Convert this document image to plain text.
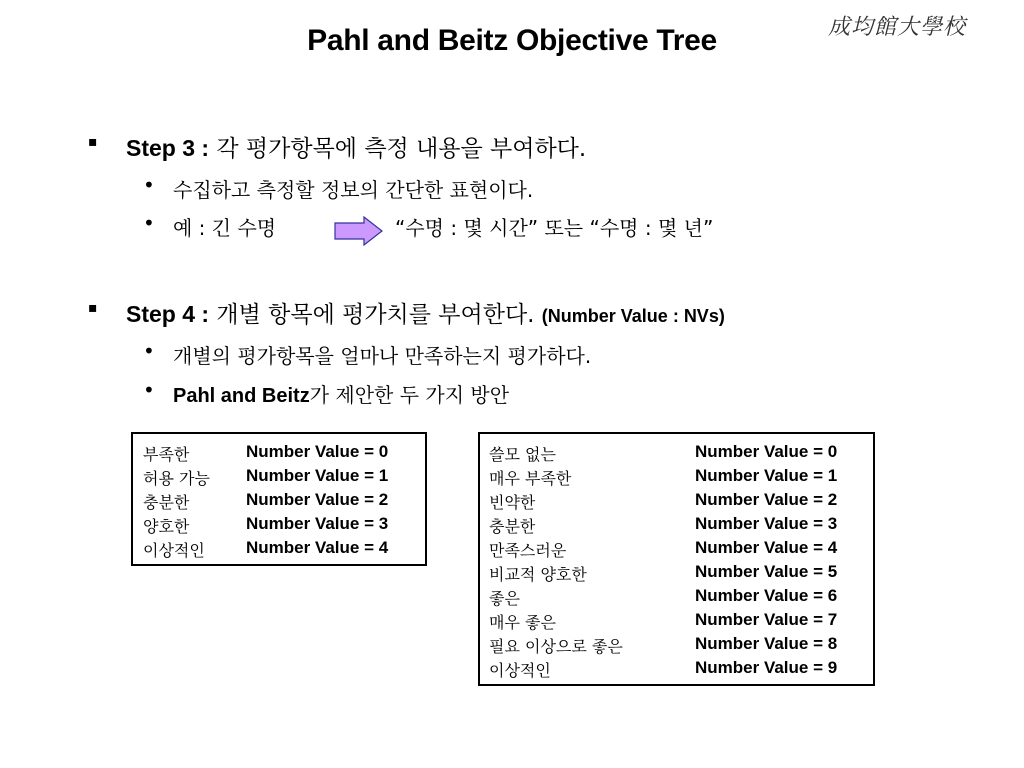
Pahl and Beitz Objective Tree	成均館大學校
▪ Step 3 : 각 평가항목에 측정 내용을 부여하다.
• 수집하고 측정할 정보의 간단한 표현이다.
• 예 : 긴 수명	“수명 : 몇 시간” 또는 “수명 : 몇 년”
▪ Step 4 : 개별 항목에 평가치를 부여한다. (Number Value : NVs)
• 개별의 평가항목을 얼마나 만족하는지 평가하다.
• Pahl and Beitz가 제안한 두 가지 방안
부족한	Number Value = 0
허용 가능 Number Value = 1
충분한	Number Value = 2
양호한	Number Value = 3
이상적인 Number Value = 4
쓸모 없는	Number Value = 0
매우 부족한	Number Value = 1
빈약한	Number Value = 2
충분한	Number Value = 3
만족스러운	Number Value = 4
비교적 양호한	Number Value = 5
좋은	Number Value = 6
매우 좋은	Number Value = 7
필요 이상으로 좋은	Number Value = 8
이상적인	Number Value = 9
